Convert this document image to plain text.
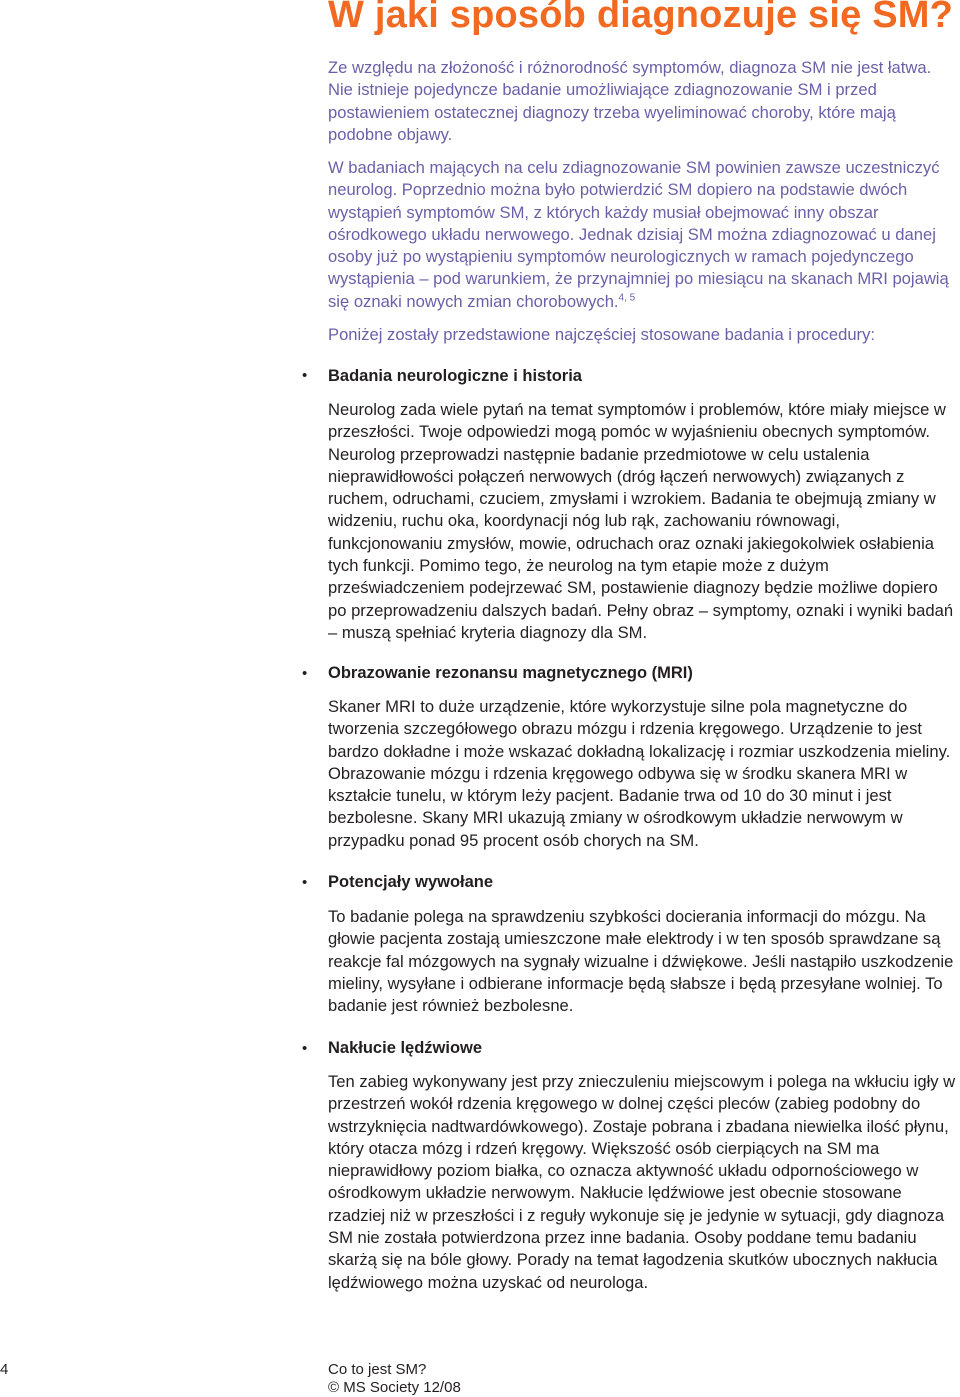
W jaki sposób diagnozuje się SM?

Ze względu na złożoność i różnorodność symptomów, diagnoza SM nie jest łatwa. Nie istnieje pojedyncze badanie umożliwiające zdiagnozowanie SM i przed postawieniem ostatecznej diagnozy trzeba wyeliminować choroby, które mają podobne objawy.

W badaniach mających na celu zdiagnozowanie SM powinien zawsze uczestniczyć neurolog. Poprzednio można było potwierdzić SM dopiero na podstawie dwóch wystąpień symptomów SM, z których każdy musiał obejmować inny obszar ośrodkowego układu nerwowego. Jednak dzisiaj SM można zdiagnozować u danej osoby już po wystąpieniu symptomów neurologicznych w ramach pojedynczego wystąpienia – pod warunkiem, że przynajmniej po miesiącu na skanach MRI pojawią się oznaki nowych zmian chorobowych.$^{4, 5}$

Poniżej zostały przedstawione najczęściej stosowane badania i procedury:

• Badania neurologiczne i historia

Neurolog zada wiele pytań na temat symptomów i problemów, które miały miejsce w przeszłości. Twoje odpowiedzi mogą pomóc w wyjaśnieniu obecnych symptomów. Neurolog przeprowadzi następnie badanie przedmiotowe w celu ustalenia nieprawidłowości połączeń nerwowych (dróg łączeń nerwowych) związanych z ruchem, odruchami, czuciem, zmysłami i wzrokiem. Badania te obejmują zmiany w widzeniu, ruchu oka, koordynacji nóg lub rąk, zachowaniu równowagi, funkcjonowaniu zmysłów, mowie, odruchach oraz oznaki jakiegokolwiek osłabienia tych funkcji. Pomimo tego, że neurolog na tym etapie może z dużym przeświadczeniem podejrzewać SM, postawienie diagnozy będzie możliwe dopiero po przeprowadzeniu dalszych badań. Pełny obraz – symptomy, oznaki i wyniki badań – muszą spełniać kryteria diagnozy dla SM.

• Obrazowanie rezonansu magnetycznego (MRI)

Skaner MRI to duże urządzenie, które wykorzystuje silne pola magnetyczne do tworzenia szczegółowego obrazu mózgu i rdzenia kręgowego. Urządzenie to jest bardzo dokładne i może wskazać dokładną lokalizację i rozmiar uszkodzenia mieliny. Obrazowanie mózgu i rdzenia kręgowego odbywa się w środku skanera MRI w kształcie tunelu, w którym leży pacjent. Badanie trwa od 10 do 30 minut i jest bezbolesne. Skany MRI ukazują zmiany w ośrodkowym układzie nerwowym w przypadku ponad 95 procent osób chorych na SM.

• Potencjały wywołane

To badanie polega na sprawdzeniu szybkości docierania informacji do mózgu. Na głowie pacjenta zostają umieszczone małe elektrody i w ten sposób sprawdzane są reakcje fal mózgowych na sygnały wizualne i dźwiękowe. Jeśli nastąpiło uszkodzenie mieliny, wysyłane i odbierane informacje będą słabsze i będą przesyłane wolniej. To badanie jest również bezbolesne.

• Nakłucie lędźwiowe

Ten zabieg wykonywany jest przy znieczuleniu miejscowym i polega na wkłuciu igły w przestrzeń wokół rdzenia kręgowego w dolnej części pleców (zabieg podobny do wstrzyknięcia nadtwardówkowego). Zostaje pobrana i zbadana niewielka ilość płynu, który otacza mózg i rdzeń kręgowy. Większość osób cierpiących na SM ma nieprawidłowy poziom białka, co oznacza aktywność układu odpornościowego w ośrodkowym układzie nerwowym. Nakłucie lędźwiowe jest obecnie stosowane rzadziej niż w przeszłości i z reguły wykonuje się je jedynie w sytuacji, gdy diagnoza SM nie została potwierdzona przez inne badania. Osoby poddane temu badaniu skarżą się na bóle głowy. Porady na temat łagodzenia skutków ubocznych nakłucia lędźwiowego można uzyskać od neurologa.

4	Co to jest SM?
© MS Society 12/08
